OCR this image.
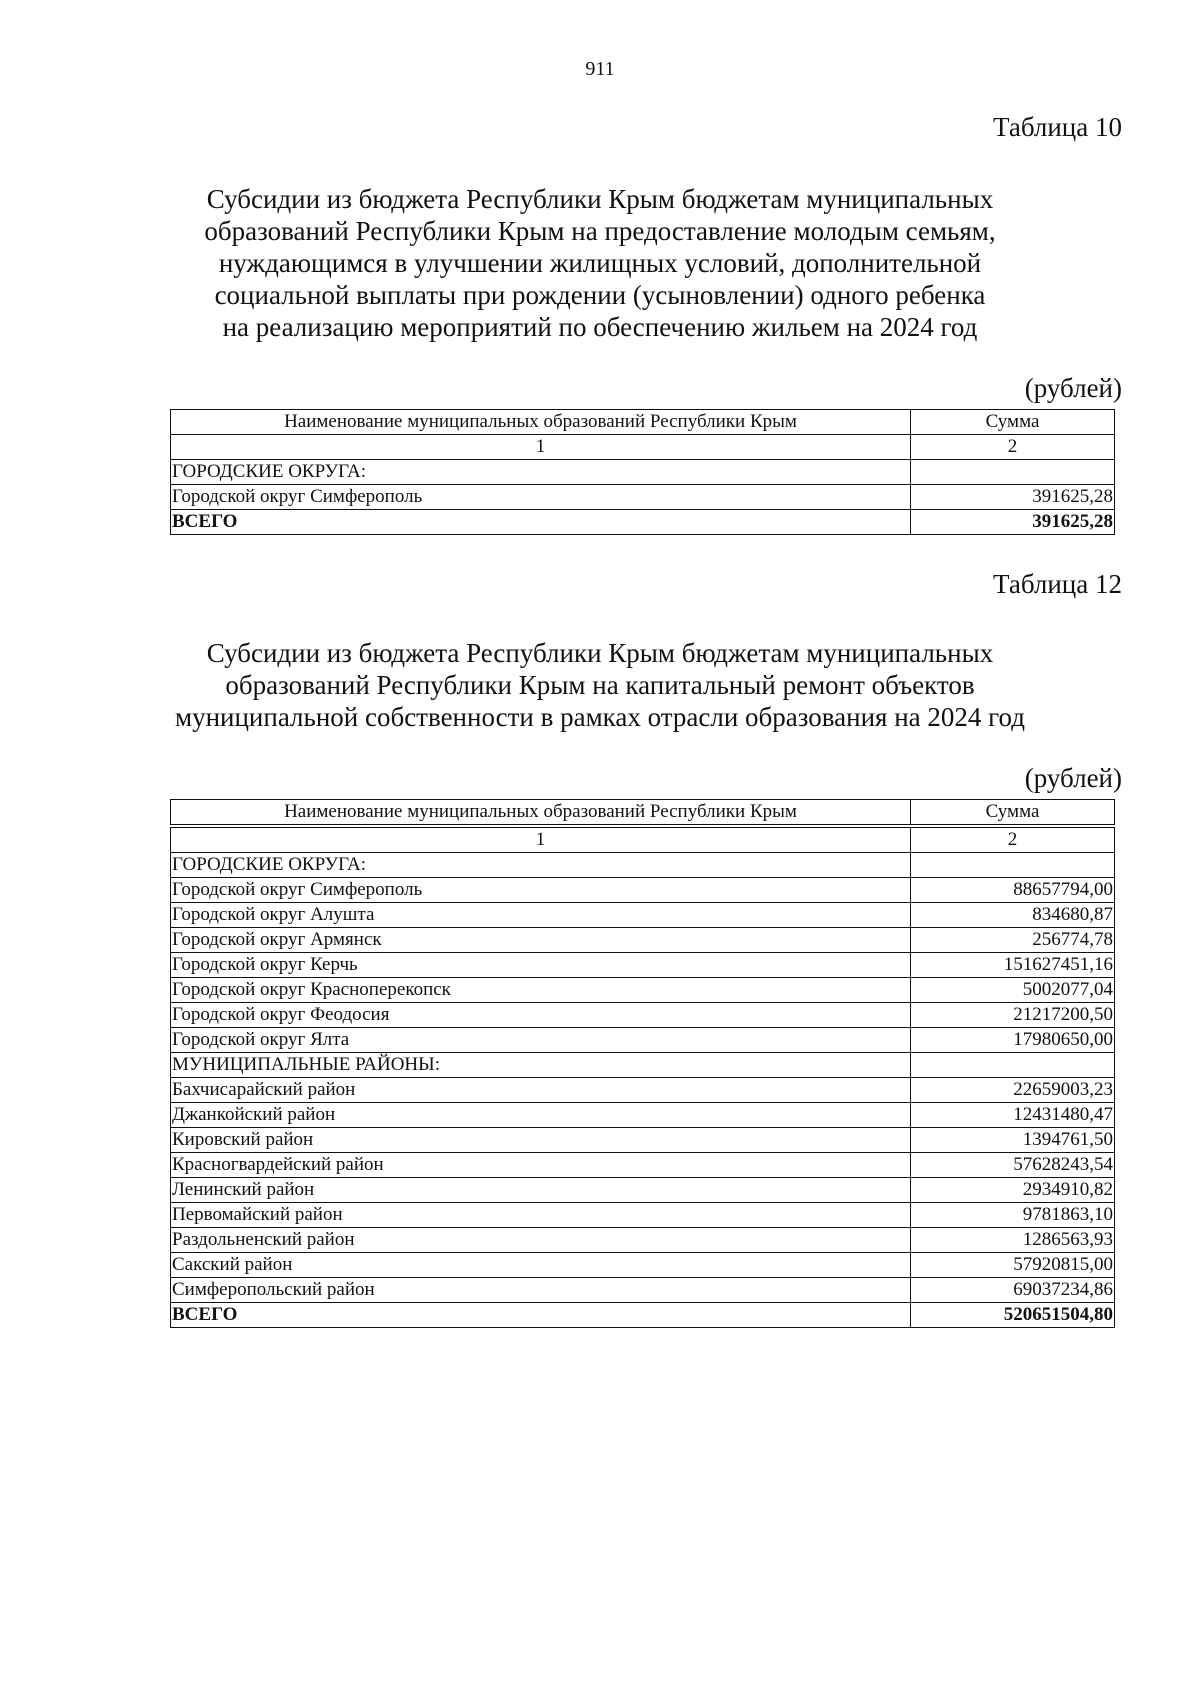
911
Таблица 10
Субсидии из бюджета Республики Крым бюджетам муниципальных
образований Республики Крым на предоставление молодым семьям,
нуждающимся в улучшении жилищных условий, дополнительной
социальной выплаты при рождении (усыновлении) одного ребенка
на реализацию мероприятий по обеспечению жильем на 2024 год
(рублей)
Наименование муниципальных образований Республики Крым	Сумма
1	2
ГОРОДСКИЕ ОКРУГА:	
Городской округ Симферополь	391625,28
ВСЕГО	391625,28
Таблица 12
Субсидии из бюджета Республики Крым бюджетам муниципальных
образований Республики Крым на капитальный ремонт объектов
муниципальной собственности в рамках отрасли образования на 2024 год
(рублей)
Наименование муниципальных образований Республики Крым	Сумма

1	2
ГОРОДСКИЕ ОКРУГА:	
Городской округ Симферополь	88657794,00
Городской округ Алушта	834680,87
Городской округ Армянск	256774,78
Городской округ Керчь	151627451,16
Городской округ Красноперекопск	5002077,04
Городской округ Феодосия	21217200,50
Городской округ Ялта	17980650,00
МУНИЦИПАЛЬНЫЕ РАЙОНЫ:	
Бахчисарайский район	22659003,23
Джанкойский район	12431480,47
Кировский район	1394761,50
Красногвардейский район	57628243,54
Ленинский район	2934910,82
Первомайский район	9781863,10
Раздольненский район	1286563,93
Сакский район	57920815,00
Симферопольский район	69037234,86
ВСЕГО	520651504,80
